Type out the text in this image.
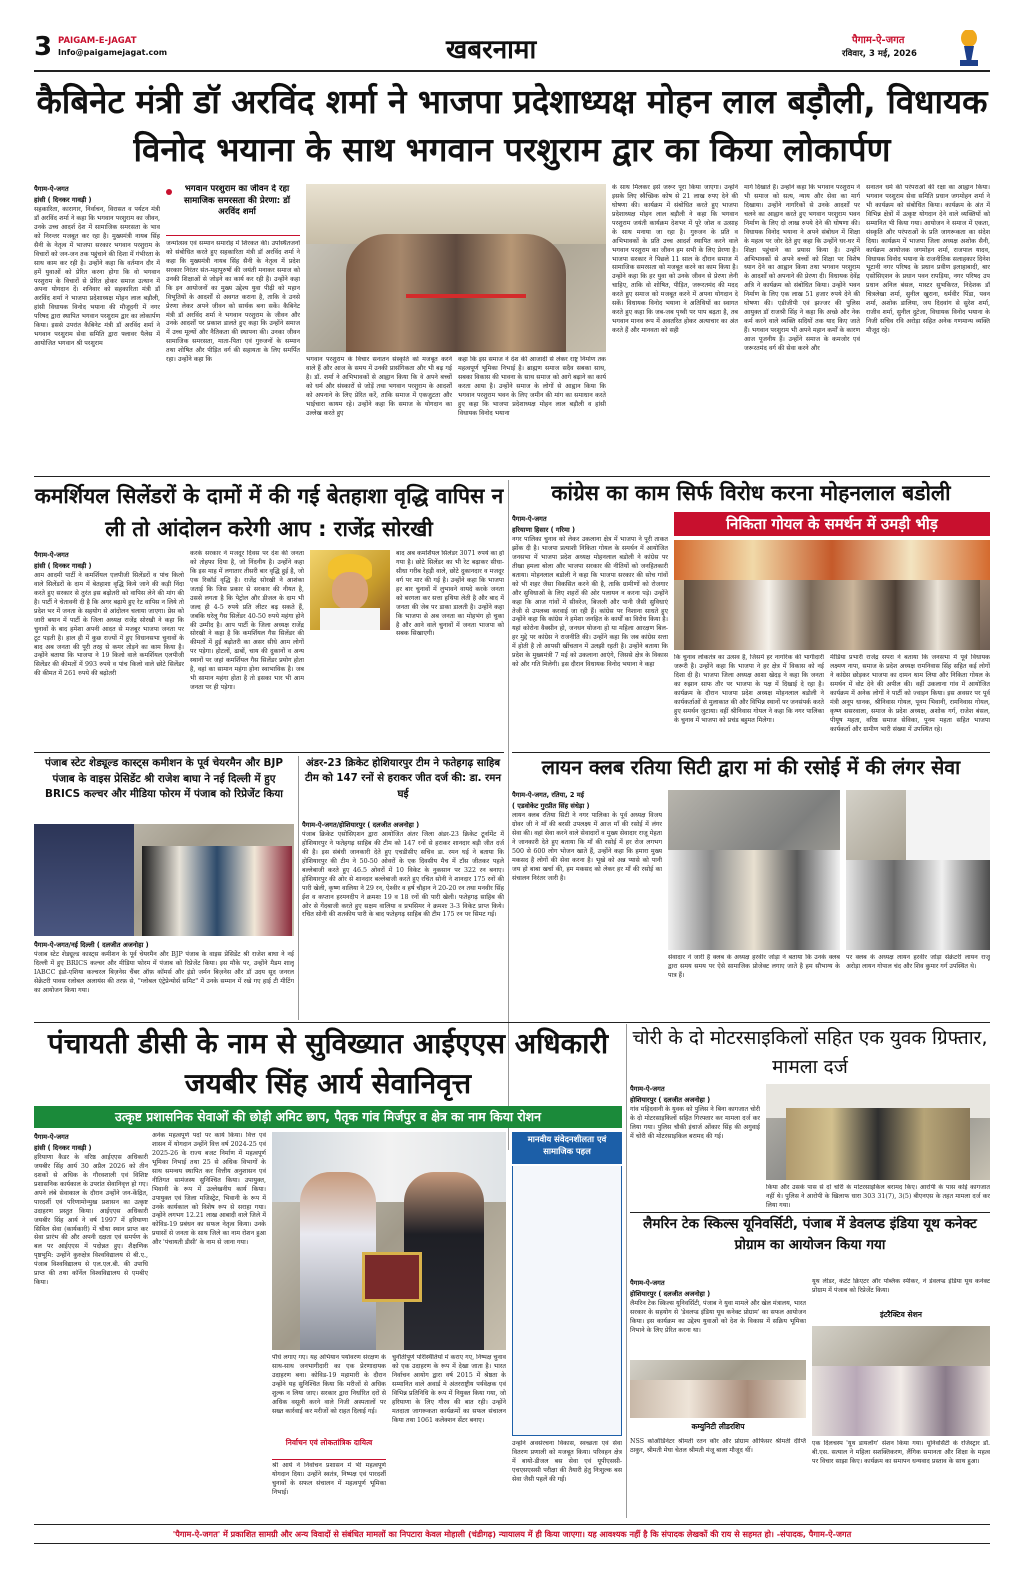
3 PAIGAM-E-JAGAT
Info@paigamejagat.com	खबरनामा	पैगाम-ऐ-जगत
रविवार, 3 मई, 2026
कैबिनेट मंत्री डॉ अरविंद शर्मा ने भाजपा प्रदेशाध्यक्ष मोहन लाल बड़ौली, विधायक विनोद भयाना के साथ भगवान परशुराम द्वार का किया लोकार्पण
पैगाम-ऐ-जगत
हांसी ( दिनकर गावड़ी )
सहकारिता, कारागार, निर्वाचन, विरासत व पर्यटन मंत्री डॉ अरविंद शर्मा ने कहा कि भगवान परशुराम का जीवन, उनके उच्च आदर्श देश में सामाजिक समरसता के भाव को निरन्तर मजबूत कर रहा है। मुख्यमंत्री नायब सिंह सैनी के नेतृत्व में भाजपा सरकार भगवान परशुराम के विचारों को जन-जन तक पहुंचाने की दिशा में गंभीरता के साथ काम कर रही है। उन्होंने कहा कि वर्तमान दौर में हमें युवाओं को प्रेरित करना होगा कि वो भगवान परशुराम के विचारों से प्रेरित होकर समाज उत्थान में अपना योगदान दें। शनिवार को सहकारिता मंत्री डॉ अरविंद शर्मा ने भाजपा प्रदेशाध्यक्ष मोहन लाल बड़ौली, हांसी विधायक विनोद भयाना की मौजूदगी में नगर परिषद द्वारा स्थापित भगवान परशुराम द्वार का लोकार्पण किया। इससे उपरांत कैबिनेट मंत्री डॉ अरविंद शर्मा ने भगवान परशुराम सेवा समिति द्वारा फ्लावर पैलेस में आयोजित भगवान श्री परशुराम
भगवान परशुराम का जीवन दे रहा सामाजिक समरसता की प्रेरणा: डॉ अरविंद शर्मा
जन्मोत्सव एवं सम्मान समारोह में शिरकत की। उपस्थितजनों को संबोधित करते हुए सहकारिता मंत्री डॉ अरविंद शर्मा ने कहा कि मुख्यमंत्री नायब सिंह सैनी के नेतृत्व में प्रदेश सरकार निरंतर संत-महापुरुषों की जयंती मनाकर समाज को उनकी शिक्षाओं से जोड़ने का कार्य कर रही है। उन्होंने कहा कि इन आयोजनों का मुख्य उद्देश्य युवा पीढ़ी को महान विभूतियों के आदर्शों से अवगत कराना है, ताकि वे उनसे प्रेरणा लेकर अपने जीवन को सार्थक बना सकें। कैबिनेट मंत्री डॉ अरविंद शर्मा ने भगवान परशुराम के जीवन और उनके आदर्शों पर प्रकाश डालते हुए कहा कि उन्होंने समाज में उच्च मूल्यों और नैतिकता की स्थापना की। उनका जीवन सामाजिक समरसता, माता-पिता एवं गुरुजनों के सम्मान तथा शोषित और पीड़ित वर्ग की सहायता के लिए समर्पित रहा। उन्होंने कहा कि	भगवान परशुराम के विचार सनातन संस्कृति को मजबूत करने वाले हैं और आज के समय में उनकी प्रासंगिकता और भी बढ़ गई है। डॉ. शर्मा ने अभिभावकों से आह्वान किया कि वे अपने बच्चों को धर्म और संस्कारों से जोड़ें तथा भगवान परशुराम के आदर्शों को अपनाने के लिए प्रेरित करें, ताकि समाज में एकजुटता और भाईचारा कायम रहे। उन्होंने कहा कि समाज के योगदान का उल्लेख करते हुए
कहा कि इस समाज ने देश की आजादी से लेकर राष्ट्र निर्माण तक महत्वपूर्ण भूमिका निभाई है। ब्राह्मण समाज सदैव सबका साथ, सबका विकास की भावना के साथ समाज को आगे बढ़ाने का कार्य करता आया है। उन्होंने समाज के लोगों से आह्वान किया कि भगवान परशुराम भवन के लिए जमीन की मांग का समाधान करते हुए कहा कि भाजपा प्रदेशाध्यक्ष मोहन लाल बड़ौली व हांसी विधायक विनोद भयाना
के साथ मिलकर इसे जरूर पूरा किया जाएगा। उन्होंने इसके लिए स्वैच्छिक कोष से 21 लाख रुपए देने की घोषणा की। कार्यक्रम में संबोधित करते हुए भाजपा प्रदेशाध्यक्ष मोहन लाल बड़ौली ने कहा कि भगवान परशुराम जयंती कार्यक्रम देशभर में पूरे जोश व उत्साह के साथ मनाया जा रहा है। गुरुजन के प्रति व अभिभावकों के प्रति उच्च आदर्श स्थापित करने वाले भगवान परशुराम का जीवन हम सभी के लिए प्रेरणा है। भाजपा सरकार ने पिछले 11 साल के दौरान समाज में सामाजिक समरसता को मजबूत करने का काम किया है। उन्होंने कहा कि हर युवा को उनके जीवन से प्रेरणा लेनी चाहिए, ताकि वो शोषित, पीड़ित, जरूरतमंद की मदद करते हुए समाज को मजबूत करने में अपना योगदान दे सकें। विधायक विनोद भयाना ने अतिथियों का स्वागत करते हुए कहा कि जब-जब पृथ्वी पर पाप बढ़ता है, तब भगवान मानव रूप में अवतरित होकर अत्याचार का अंत करते हैं और मानवता को सही
मार्ग दिखाते हैं। उन्होंने कहा कि भगवान परशुराम ने भी समाज को सत्य, न्याय और सेवा का मार्ग दिखाया। उन्होंने नागरिकों से उनके आदर्शों पर चलने का आह्वान करते हुए भगवान परशुराम भवन निर्माण के लिए दो लाख रुपये देने की घोषणा की। विधायक विनोद भयाना ने अपने संबोधन में शिक्षा के महत्व पर जोर देते हुए कहा कि उन्होंने घर-घर में शिक्षा पहुंचाने का प्रयास किया है। उन्होंने अभिभावकों से अपने बच्चों को शिक्षा पर विशेष ध्यान देने का आह्वान किया तथा भगवान परशुराम के आदर्शों को अपनाने की प्रेरणा दी। विधायक देवेंद्र अत्रि ने कार्यक्रम को संबोधित किया। उन्होंने भवन निर्माण के लिए एक लाख 51 हजार रुपये देने की घोषणा की। एडीजीपी एवं झज्जर की पुलिस आयुक्त डॉ राजश्री सिंह ने कहा कि अच्छे और नेक कर्म करने वाले व्यक्ति सदियों तक याद किए जाते हैं। भगवान परशुराम भी अपने महान कर्मों के कारण आज पूजनीय हैं। उन्होंने समाज के कमजोर एवं जरूरतमंद वर्ग की सेवा करने और
सनातन धर्म की परंपराओं की रक्षा का आह्वान किया। भगवान परशुराम सेवा समिति प्रधान जगमोहन शर्मा ने भी कार्यक्रम को संबोधित किया। कार्यक्रम के अंत में विभिन्न क्षेत्रों में उत्कृष्ट योगदान देने वाले व्यक्तियों को सम्मानित भी किया गया। आयोजन ने समाज में एकता, संस्कृति और परंपराओं के प्रति जागरूकता का संदेश दिया। कार्यक्रम में भाजपा जिला अध्यक्ष अशोक सैनी, कार्यक्रम आयोजक जगमोहन शर्मा, राजपाल यादव, विधायक विनोद भयाना के राजनीतिक सलाहकार दिनेश भूटानी नगर परिषद के प्रधान प्रवीण इलाहाबादी, बार एसोसिएशन के प्रधान पवन रापड़िया, नगर परिषद उप प्रधान अनिल बंसल, मास्टर सुभकिरत, निदेशक डॉ चित्रलेखा शर्मा, सुनील खुराना, धर्मवीर पिंडा, पवन शर्मा, अशोक डालिया, जय दिदवांग से सुरेश शर्मा, राजीव शर्मा, सुनील दुटेजा, विधायक विनोद भयाना के निजी सचिव रवि अरोड़ा सहित अनेक गणमान्य व्यक्ति मौजूद रहे।
कमर्शियल सिलेंडरों के दामों में की गई बेतहाशा वृद्धि वापिस न ली तो आंदोलन करेगी आप : राजेंद्र सोरखी
पैगाम-ऐ-जगत
हांसी ( दिनकर गावड़ी )
आम आदमी पार्टी ने कमर्शियल एलपीजी सिलेंडरों व पांच किलो वाले सिलेंडरों के दाम में बेतहाशा वृद्धि किये जाने की कड़ी निंदा करते हुए सरकार से तुरंत इस बढ़ोतरी को वापिस लेने की मांग की है। पार्टी ने चेतावनी दी है कि अगर बढ़ाये हुए रेट वापिस न लिये तो प्रदेश भर में जनता के सहयोग से आंदोलन चलाया जाएगा। प्रेस को जारी बयान में पार्टी के जिला अध्यक्ष राजेंद्र सोरखी ने कहा कि चुनावों के बाद हमेशा अपनी आदत से मजबूर भाजपा जनता पर टूट पड़ती है। हाल ही में कुछ राज्यों में हुए विधानसभा चुनावों के बाद अब जनता की पूरी तरह से कमर तोड़ने का काम किया है। उन्होंने बताया कि भाजपा ने 19 किलो वाले कमर्शियल एलपीजी सिलेंडर की कीमतों में 993 रुपये व पांच किलो वाले छोटे सिलेंडर की कीमत में 261 रुपये की बढ़ोतरी
करके सरकार ने मजदूर दिवस पर देश की जनता को तोहफा दिया है, जो निंदनीय है। उन्होंने कहा कि इस माह में लगातार तीसरी बार वृद्धि हुई है, जो एक रिकॉर्ड वृद्धि है। राजेंद्र सोरखी ने आशंका जताई कि जिस प्रकार से सरकार की नीयत है, उससे लगता है कि पेट्रोल और डीजल के दाम भी जल्द ही 4-5 रुपये प्रति लीटर बढ़ सकते हैं, जबकि घरेलू गैस सिलेंडर 40-50 रुपये महंगा होने की उम्मीद है। आप पार्टी के जिला अध्यक्ष राजेंद्र सोरखी ने कहा है कि कमर्शियल गैस सिलेंडर की कीमतों में हुई बढ़ोतरी का असर सीधे आम लोगों पर पड़ेगा। होटलों, ढाबों, चाय की दुकानों व अन्य स्थानों पर जहां कमर्शियल गैस सिलेंडर प्रयोग होता है, वहां का सामान महंगा होना स्वाभाविक है। जब भी सामान महंगा होता है तो इसका भार भी आम जनता पर ही पड़ेगा।
बाद अब कमर्शियल सिलेंडर 3071 रुपये का हो गया है। छोटे सिलेंडर का भी रेट बढ़ाकर सीधा-सीधा गरीब रेहड़ी वाले, छोटे दुकानदार व मजदूर वर्ग पर मार की गई है। उन्होंने कहा कि भाजपा हर बार चुनावों में लुभावने वायदे करके जनता को बरगला कर सत्ता हथिया लेती है और बाद में जनता की जेब पर डाका डालती है। उन्होंने कहा कि भाजपा से अब जनता का मोहभंग हो चुका है और आने वाले चुनावों में जनता भाजपा को सबक सिखाएगी।
कांग्रेस का काम सिर्फ विरोध करना मोहनलाल बडोली
निकिता गोयल के समर्थन में उमड़ी भीड़
पैगाम-ऐ-जगत
हरियाणा हिसार ( गरिमा )
नगर पालिका चुनाव को लेकर उकलाना क्षेत्र में भाजपा ने पूरी ताकत झोंक दी है। भाजपा प्रत्याशी निकिता गोयल के समर्थन में आयोजित जनसभा में भाजपा प्रदेश अध्यक्ष मोहनलाल बडोली ने कांग्रेस पर तीखा हमला बोला और भाजपा सरकार की नीतियों को जनहितकारी बताया। मोहनलाल बडोली ने कहा कि भाजपा सरकार की सोच गांवों को भी शहर जैसा विकसित करने की है, ताकि ग्रामीणों को रोजगार और सुविधाओं के लिए शहरों की ओर पलायन न करना पड़े। उन्होंने कहा कि आज गांवों में सीवरेज, बिजली और पानी जैसी सुविधाएं तेजी से उपलब्ध करवाई जा रही हैं। कांग्रेस पर निशाना साधते हुए उन्होंने कहा कि कांग्रेस ने हमेशा जनहित के कार्यों का विरोध किया है। यहां कोरोना वैक्सीन हो, जनधन योजना हो या महिला आरक्षण बिल-हर मुद्दे पर कांग्रेस ने राजनीति की। उन्होंने कहा कि जब कांग्रेस सत्ता में होती है तो आपसी खींचतान में उलझी रहती है। उन्होंने बताया कि प्रदेश के मुख्यमंत्री 7 मई को उकलाना आएंगे, जिससे क्षेत्र के विकास को और गति मिलेगी। इस दौरान विधायक विनोद भयाना ने कहा
कि चुनाव लोकतंत्र का उत्सव है, जिसमें हर नागरिक की भागीदारी जरूरी है। उन्होंने कहा कि भाजपा ने हर क्षेत्र में विकास को नई दिशा दी है। भाजपा जिला अध्यक्ष आशा खेदड़ ने कहा कि जनता का रुझान साफ तौर पर भाजपा के पक्ष में दिखाई दे रहा है। कार्यक्रम के दौरान भाजपा प्रदेश अध्यक्ष मोहनलाल बडोली ने कार्यकर्ताओं से मुलाकात की और विभिन्न स्थानों पर जनसंपर्क करते हुए समर्थन जुटाया। वहीं श्रीनिवास गोयल ने कहा कि नगर पालिका के चुनाव में भाजपा को प्रचंड बहुमत मिलेगा।
मीडिया प्रभारी राजेंद्र सपरा ने बताया कि जनसभा में पूर्व विधायक लक्ष्मण नापा, समाज के प्रदेश अध्यक्ष रामनिवास सिंह सहित कई लोगों ने कांग्रेस छोड़कर भाजपा का दामन थाम लिया और निकिता गोयल के समर्थन में वोट देने की अपील की। वहीं उकलाना गांव में आयोजित कार्यक्रम में अनेक लोगों ने पार्टी को ज्वाइन किया। इस अवसर पर पूर्व मंत्री अनूप धानक, श्रीनिवास गोयल, पूनम भिवानी, रामनिवास गोयल, कृष्ण ससरवाला, समाज के प्रदेश अध्यक्ष, अशोक गर्ग, राजेश बंसल, पीयूष महता, वरिष्ठ समाज सेविका, पूनम महता सहित भाजपा कार्यकर्ता और ग्रामीण भारी संख्या में उपस्थित रहे।
पंजाब स्टेट शेड्यूल्ड कास्ट्स कमीशन के पूर्व चेयरमैन और BJP पंजाब के वाइस प्रेसिडेंट श्री राजेश बाघा ने नई दिल्ली में हुए BRICS कल्चर और मीडिया फोरम में पंजाब को रिप्रेजेंट किया
पैगाम-ऐ-जगत/नई दिल्ली ( दलजीत अजनोहा )
पंजाब स्टेट शेड्यूल्ड कास्ट्स कमीशन के पूर्व चेयरमैन और BJP पंजाब के वाइस प्रेसिडेंट श्री राजेश बाघा ने नई दिल्ली में हुए BRICS कल्चर और मीडिया फोरम में पंजाब को रिप्रेजेंट किया। इस मौके पर, उन्होंने मैडम शालू IABCC इंडो-एशिया कल्चरल बिज़नेस चैंबर ऑफ़ कॉमर्स और इंडो जर्मन बिज़नेस और डॉ उदय सूद जनरल सेक्रेटरी पावस रलोबल अलायंस की तरफ़ से, "ग्लोबल एंट्रेप्रेन्योर्स समिट" में उनके सम्मान में रखे गए हाई टी मीटिंग का आयोजन किया गया।
अंडर-23 क्रिकेट होशियारपुर टीम ने फतेहगढ़ साहिब टीम को 147 रनों से हराकर जीत दर्ज की: डा. रमन घई
पैगाम-ऐ-जगत/होशियारपुर ( दलजीत अजनोहा )
पंजाब क्रिकेट एसोसिएशन द्वारा आयोजित अंतर जिला अंडर-23 क्रिकेट टूर्नामेंट में होशियारपुर ने फतेहगढ़ साहिब की टीम को 147 रनों से हराकर शानदार बड़ी जीत दर्ज की है। इस संबंधी जानकारी देते हुए एचडीसीए सचिव डा. रमन घई ने बताया कि होशियारपुर की टीम ने 50-50 ओवरों के एक दिवसीय मैच में टॉस जीतकर पहले बल्लेबाजी करते हुए 46.5 ओवरों में 10 विकेट के नुकसान पर 322 रन बनाए। होशियारपुर की ओर से शानदार बल्लेबाजी करते हुए रचित सोनी ने शानदार 175 रनों की पारी खेली, कृष्ण वालिया ने 29 रन, ऐश्वीर व हर्ष चौहान ने 20-20 रन तथा मनवीर सिंह ईश व कप्तान हरमनदीप ने क्रमशः 19 व 18 रनों की पारी खेली। फतेहगढ़ साहिब की ओर से गेंदबाजी करते हुए सक्षम वालिया व प्रभसिमर ने क्रमशः 3-3 विकेट प्राप्त किये। रचित सोनी की शतकीय पारी के बाद फतेहगढ़ साहिब की टीम 175 रन पर सिमट गई।
लायन क्लब रतिया सिटी द्वारा मां की रसोई में की लंगर सेवा
पैगाम-ऐ-जगत, रतिया, 2 मई
( एडवोकेट गुरप्रीत सिंह संधेड़ा )
लायन क्लब रतिया सिटी ने नगर पालिका के पूर्व अध्यक्ष विजय ग्रोवर जी ने माँ की बरसी उपलक्ष्य में आज माँ की रसोई में लंगर सेवा की। वहां सेवा करने वाले सेवादारों व मुख्य सेवादार राजू मेहता ने जानकारी देते हुए बताया कि माँ की रसोई में हर रोज लगभग 500 से 600 लोग भोजन खाते हैं, उन्होंने कहा कि हमारा मुख्य मकसद है लोगों की सेवा करना है। भूखे को अन्न प्यासे को पानी जय हो बाबा खर्चा की, हम मकसद को लेकर हर माँ की रसोई का संचालन निरंतर जारी है।
सेवादार ने जारी है क्लब के अध्यक्ष हरवीर जोड़ा ने बताया कि उनके क्लब द्वारा समय समय पर ऐसे सामाजिक प्रोजेक्ट लगाए जाते है हम सौभाग्य के पात्र हैं।
पर क्लब के अध्यक्ष लायन हरवीर जोड़ा सेक्रेटरी लायन राजू अरोड़ा लायन गोपाल चंद और शिव कुमार गर्ग उपस्थित थे।
पंचायती डीसी के नाम से सुविख्यात आईएएस अधिकारी जयबीर सिंह आर्य सेवानिवृत्त
उत्कृष्ट प्रशासनिक सेवाओं की छोड़ी अमिट छाप, पैतृक गांव मिर्जपुर व क्षेत्र का नाम किया रोशन
पैगाम-ऐ-जगत
हांसी ( दिनकर गावड़ी )
हरियाणा कैडर के वरिष्ठ आईएएस अधिकारी जयबीर सिंह आर्य 30 अप्रैल 2026 को तीन दशकों से अधिक के गौरवशाली एवं विशिष्ट प्रशासनिक कार्यकाल के उपरांत सेवानिवृत्त हो गए। अपने लंबे सेवाकाल के दौरान उन्होंने जन-केंद्रित, पारदर्शी एवं परिणामोन्मुख प्रशासन का उत्कृष्ट उदाहरण प्रस्तुत किया। आईएएस अधिकारी जयबीर सिंह आर्य ने वर्ष 1997 में हरियाणा सिविल सेवा (कार्यकारी) में चौथा स्थान प्राप्त कर सेवा प्रारंभ की और अपनी दक्षता एवं समर्पण के बल पर आईएएस में पदोन्नत हुए। शैक्षणिक पृष्ठभूमि: उन्होंने कुरुक्षेत्र विश्वविद्यालय से बी.ए., पंजाब विश्वविद्यालय से एल.एल.बी. की उपाधि प्राप्त की तथा कॉर्नेल विश्वविद्यालय से एमबीए किया।
अनेक महत्वपूर्ण पदों पर कार्य किया। वित्त एवं शासन में योगदान उन्होंने वित्त वर्ष 2024-25 एवं 2025-26 के राज्य बजट निर्माण में महत्वपूर्ण भूमिका निभाई तथा 25 से अधिक विभागों के साथ समन्वय स्थापित कर वित्तीय अनुशासन एवं नीतिगत सामंजस्य सुनिश्चित किया। उपायुक्त, भिवानी के रूप में उल्लेखनीय कार्य किया। उपायुक्त एवं जिला मजिस्ट्रेट, भिवानी के रूप में उनके कार्यकाल को विशेष रूप से सराहा गया। उन्होंने लगभग 12.21 लाख आबादी वाले जिले में कोविड-19 प्रबंधन का सफल नेतृत्व किया। उनके प्रयासों से जनता के साथ जिले का नाम रोशन हुआ और 'पंचायती डीसी' के नाम से जाना गया।
पौधे लगाए गए। यह अभियान पर्यावरण संरक्षण के साथ-साथ जनभागीदारी का एक प्रेरणादायक उदाहरण बना। कोविड-19 महामारी के दौरान उन्होंने यह सुनिश्चित किया कि मरीजों से अधिक शुल्क न लिया जाए। सरकार द्वारा निर्धारित दरों से अधिक वसूली करने वाले निजी अस्पतालों पर सख्त कार्रवाई कर मरीजों को राहत दिलाई गई।
निर्वाचन एवं लोकतांत्रिक दायित्व
श्री आर्य ने निर्वाचन प्रशासन में भी महत्वपूर्ण योगदान दिया। उन्होंने स्वतंत्र, निष्पक्ष एवं पारदर्शी चुनावों के सफल संचालन में महत्वपूर्ण भूमिका निभाई।
चुनौतीपूर्ण परिस्थितियों में कराए गए, निष्पक्ष चुनाव को एक उदाहरण के रूप में देखा जाता है। भारत निर्वाचन आयोग द्वारा वर्ष 2015 में श्रेष्ठता के सम्मानित वाले अवार्ड मे अंतरराष्ट्रीय पर्यवेक्षक एवं विभिन्न प्रतिनिधि के रूप में नियुक्त किया गया, जो हरियाणा के लिए गौरव की बात रही। उन्होंने मतदाता जागरूकता कार्यक्रमों का सफल संचालन किया तथा 1061 कलेक्शन सेंटर बनाए।
मानवीय संवेदनशीलता एवं सामाजिक पहल
उन्होंने अवसंरचना विकास, स्वच्छता एवं सेवा वितरण प्रणाली को मजबूत किया। परिवहन क्षेत्र में बायो-डीजल बस सेवा एवं यूपीएससी-एचएसएससी परीक्षा की तैयारी हेतु निःशुल्क बस सेवा जैसी पहलें की गईं।
चोरी के दो मोटरसाइकिलों सहित एक युवक ग्रिफ्तार, मामला दर्ज
पैगाम-ऐ-जगत
होशियारपुर ( दलजीत अजनोहा )
गांव महिदवानी के युवक को पुलिस ने बिना कागजात चोरी के दो मोटरसाइकिलों सहित गिरफ्तार कर मामला दर्ज कर लिया गया। पुलिस चौकी इंचार्ज ओंकार सिंह की अगुवाई में चोरी की मोटरसाइकिल बरामद की गई।
किया और उसके पास से दो चोरी के मोटरसाइकिल बरामद किए। आरोपी के पास कोई कागजात नहीं थे। पुलिस ने आरोपी के खिलाफ धारा 303 31(7), 3(5) बीएनएस के तहत मामला दर्ज कर लिया गया।
लैमरिन टेक स्किल्स यूनिवर्सिटी, पंजाब में डेवलप्ड इंडिया यूथ कनेक्ट प्रोग्राम का आयोजन किया गया
पैगाम-ऐ-जगत
होशियारपुर ( दलजीत अजनोहा )
लैमरिन टेक स्किल्स यूनिवर्सिटी, पंजाब ने युवा मामले और खेल मंत्रालय, भारत सरकार के सहयोग से 'डेवलप्ड इंडिया यूथ कनेक्ट प्रोग्राम' का सफल आयोजन किया। इस कार्यक्रम का उद्देश्य युवाओं को देश के विकास में सक्रिय भूमिका निभाने के लिए प्रेरित करना था।
कम्युनिटी लीडरशिप
NSS कोऑर्डिनेटर श्रीमती रतन कौर और प्रोग्राम ऑफिसर श्रीमती दीप्ति ठाकुर, श्रीमती मेघा चेतल श्रीमती मंजू बाला मौजूद थीं।
यूथ लीडर, कंटेंट क्रिएटर और पब्लिक स्पीकर, ने डेवलप्ड इंडिया यूथ कनेक्ट प्रोग्राम में पंजाब को रिप्रेजेंट किया।
इंटरैक्टिव सेशन
एक दिलचस्प 'यूथ डायलॉग' सेशन किया गया। यूनिवर्सिटी के रजिस्ट्रार डॉ. बी.एस. सत्याल ने महिला सशक्तिकरण, लैंगिक समानता और शिक्षा के महत्व पर विचार साझा किए। कार्यक्रम का समापन धन्यवाद प्रस्ताव के साथ हुआ।
'पैगाम-ऐ-जगत' में प्रकाशित सामग्री और अन्य विवादों से संबंधित मामलों का निपटारा केवल मोहाली (चंडीगढ़) न्यायालय में ही किया जाएगा। यह आवश्यक नहीं है कि संपादक लेखकों की राय से सहमत हो। -संपादक, पैगाम-ऐ-जगत
